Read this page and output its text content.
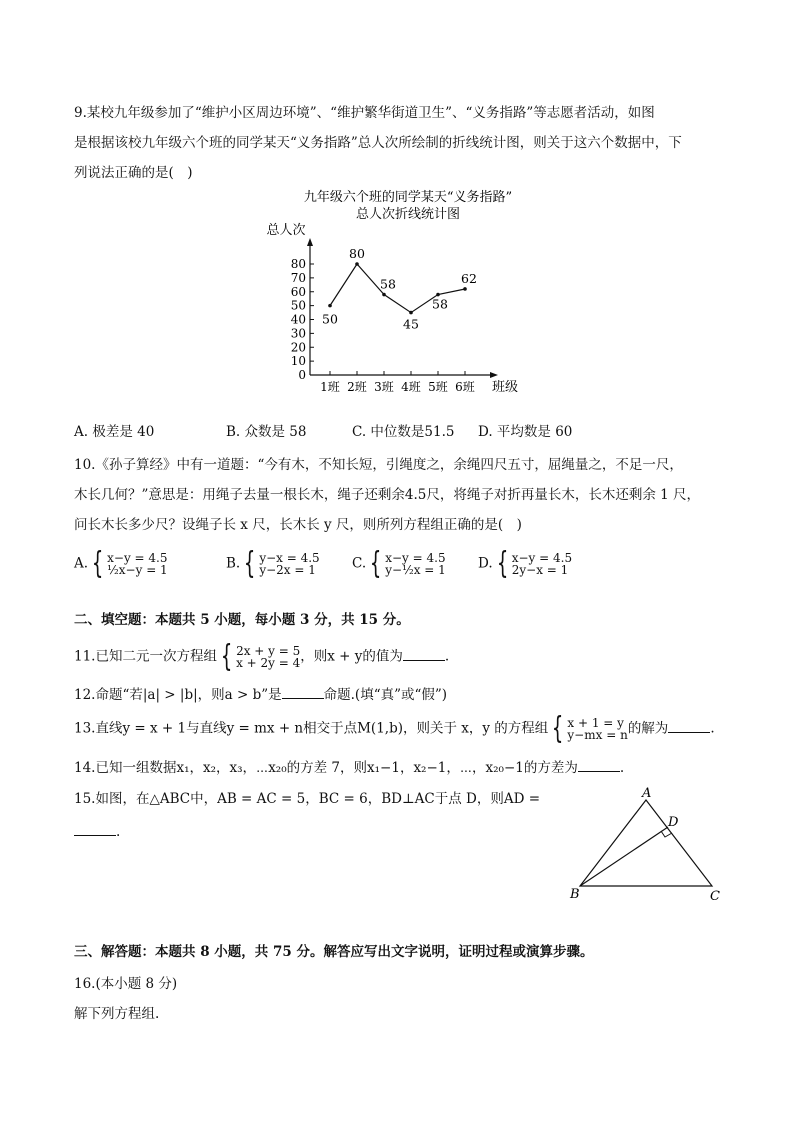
9.某校九年级参加了“维护小区周边环境”、“维护繁华街道卫生”、“义务指路”等志愿者活动，如图
是根据该校九年级六个班的同学某天“义务指路”总人次所绘制的折线统计图，则关于这六个数据中，下
列说法正确的是(　)
九年级六个班的同学某天“义务指路”
总人次折线统计图
总人次
班级
0
10
20
30
40
50
60
70
80
1班 2班 3班 4班 5班 6班
50
80
58
45
58
62
A. 极差是 40	B. 众数是 58	C. 中位数是51.5 D. 平均数是 60
10.《孙子算经》中有一道题：“今有木，不知长短，引绳度之，余绳四尺五寸，屈绳量之，不足一尺，
木长几何？”意思是：用绳子去量一根长木，绳子还剩余4.5尺，将绳子对折再量长木，长木还剩余 1 尺，
问长木长多少尺？设绳子长 x 尺，长木长 y 尺，则所列方程组正确的是(　)
A. { x−y = 4.5
½x−y = 1	B. { y−x = 4.5
y−2x = 1	C. { x−y = 4.5
y−½x = 1 D. { x−y = 4.5
2y−x = 1
二、填空题：本题共 5 小题，每小题 3 分，共 15 分。
11.已知二元一次方程组 { 2x + y = 5
x + 2y = 4 ，则x + y的值为	.
12.命题“若|a| > |b|，则a > b”是	命题.(填“真”或“假”)
13.直线y = x + 1与直线y = mx + n相交于点M(1,b)，则关于 x，y 的方程组 { x + 1 = y
y−mx = n 的解为	.
14.已知一组数据x₁，x₂，x₃，⋯x₂₀的方差 7，则x₁−1，x₂−1，⋯，x₂₀−1的方差为	.
15.如图，在△ABC中，AB = AC = 5，BC = 6，BD⊥AC于点 D，则AD =
.
A
B	C
D
三、解答题：本题共 8 小题，共 75 分。解答应写出文字说明，证明过程或演算步骤。
16.(本小题 8 分)
解下列方程组.
